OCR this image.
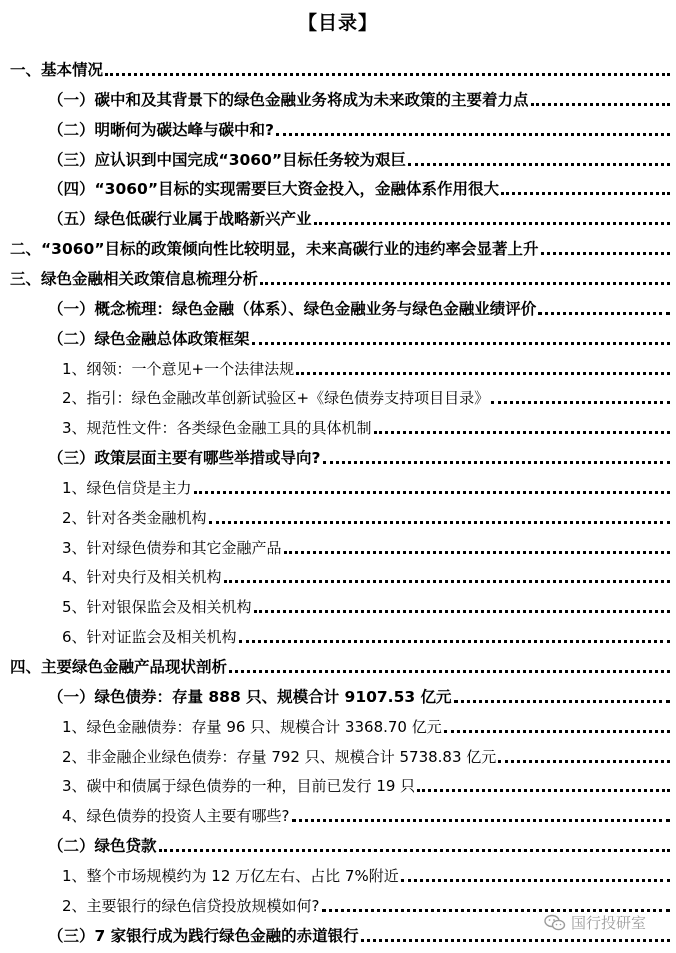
【目录】
一、基本情况
（一）碳中和及其背景下的绿色金融业务将成为未来政策的主要着力点
（二）明晰何为碳达峰与碳中和?
（三）应认识到中国完成“3060”目标任务较为艰巨
（四）“3060”目标的实现需要巨大资金投入，金融体系作用很大
（五）绿色低碳行业属于战略新兴产业
二、“3060”目标的政策倾向性比较明显，未来高碳行业的违约率会显著上升
三、绿色金融相关政策信息梳理分析
（一）概念梳理：绿色金融（体系）、绿色金融业务与绿色金融业绩评价
（二）绿色金融总体政策框架
1、纲领：一个意见+一个法律法规
2、指引：绿色金融改革创新试验区+《绿色债券支持项目目录》
3、规范性文件：各类绿色金融工具的具体机制
（三）政策层面主要有哪些举措或导向?
1、绿色信贷是主力
2、针对各类金融机构
3、针对绿色债券和其它金融产品
4、针对央行及相关机构
5、针对银保监会及相关机构
6、针对证监会及相关机构
四、主要绿色金融产品现状剖析
（一）绿色债券：存量 888 只、规模合计 9107.53 亿元
1、绿色金融债券：存量 96 只、规模合计 3368.70 亿元
2、非金融企业绿色债券：存量 792 只、规模合计 5738.83 亿元
3、碳中和债属于绿色债券的一种，目前已发行 19 只
4、绿色债券的投资人主要有哪些?
（二）绿色贷款
1、整个市场规模约为 12 万亿左右、占比 7%附近
2、主要银行的绿色信贷投放规模如何?
（三）7 家银行成为践行绿色金融的赤道银行
国行投研室
